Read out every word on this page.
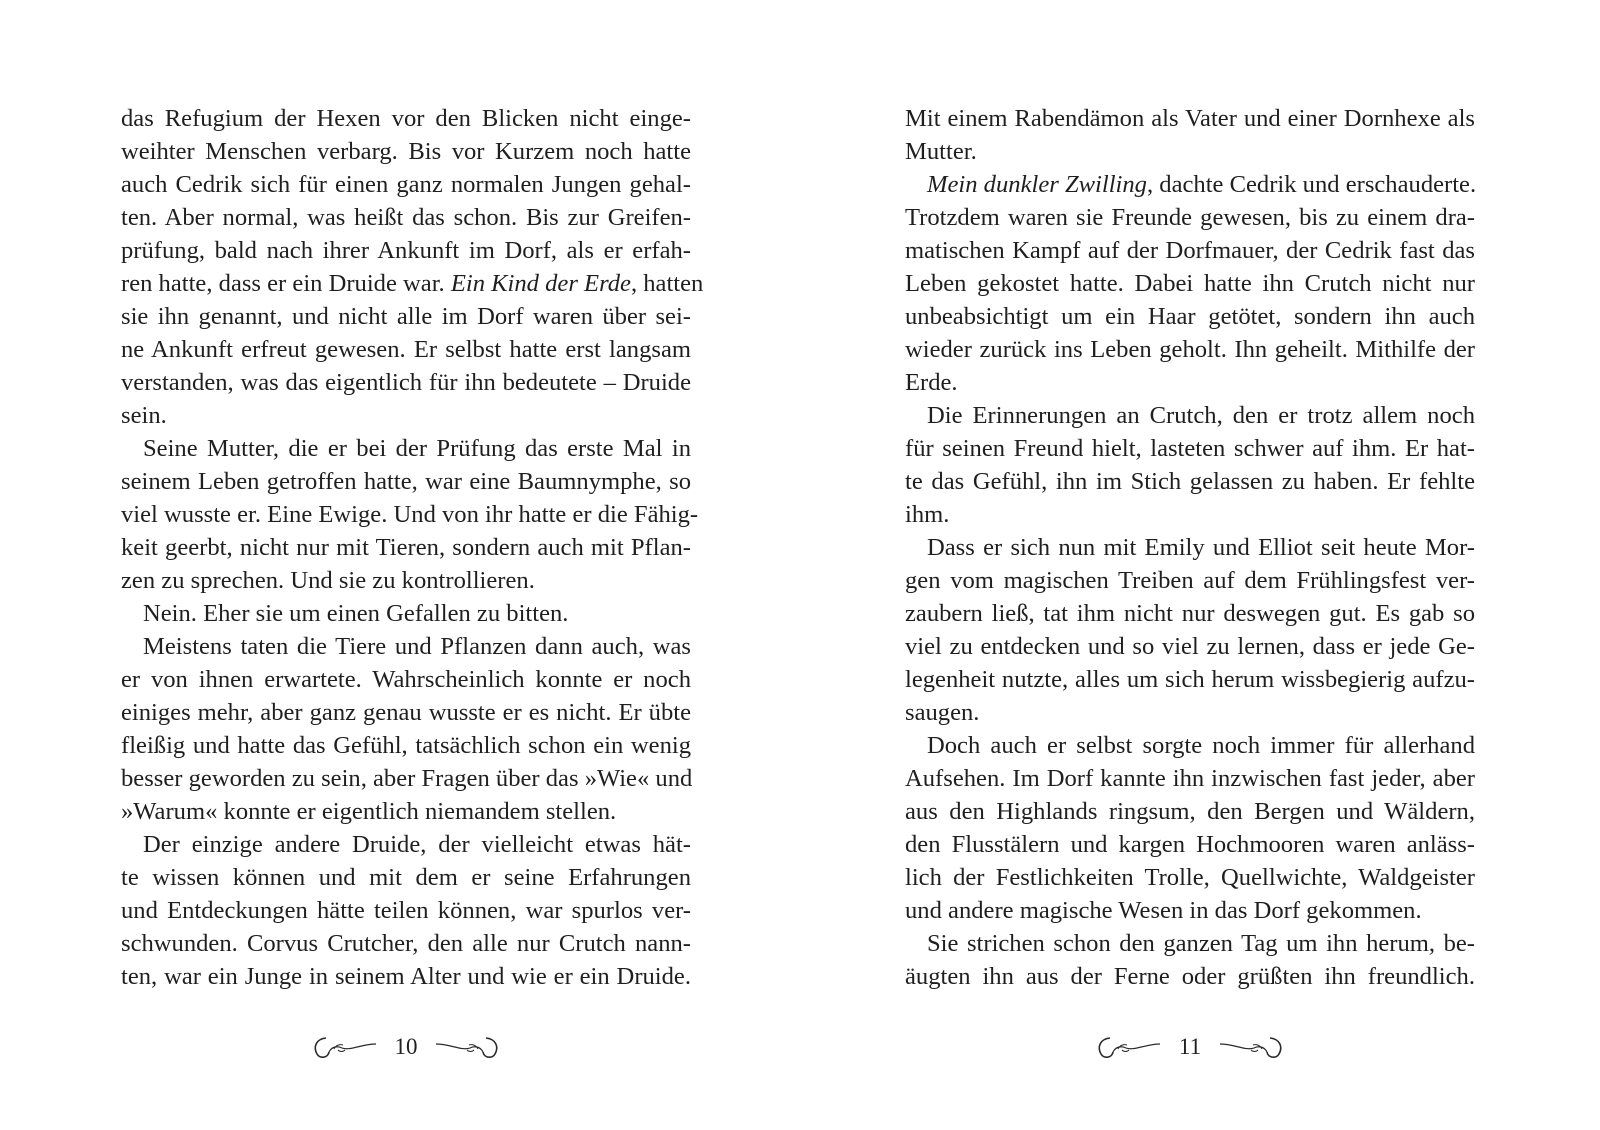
das Refugium der Hexen vor den Blicken nicht einge-
weihter Menschen verbarg. Bis vor Kurzem noch hatte
auch Cedrik sich für einen ganz normalen Jungen gehal-
ten. Aber normal, was heißt das schon. Bis zur Greifen-
prüfung, bald nach ihrer Ankunft im Dorf, als er erfah-
ren hatte, dass er ein Druide war. Ein Kind der Erde, hatten
sie ihn genannt, und nicht alle im Dorf waren über sei-
ne Ankunft erfreut gewesen. Er selbst hatte erst langsam
verstanden, was das eigentlich für ihn bedeutete – Druide
sein.
Seine Mutter, die er bei der Prüfung das erste Mal in
seinem Leben getroffen hatte, war eine Baumnymphe, so
viel wusste er. Eine Ewige. Und von ihr hatte er die Fähig-
keit geerbt, nicht nur mit Tieren, sondern auch mit Pflan-
zen zu sprechen. Und sie zu kontrollieren.
Nein. Eher sie um einen Gefallen zu bitten.
Meistens taten die Tiere und Pflanzen dann auch, was
er von ihnen erwartete. Wahrscheinlich konnte er noch
einiges mehr, aber ganz genau wusste er es nicht. Er übte
fleißig und hatte das Gefühl, tatsächlich schon ein wenig
besser geworden zu sein, aber Fragen über das »Wie« und
»Warum« konnte er eigentlich niemandem stellen.
Der einzige andere Druide, der vielleicht etwas hät-
te wissen können und mit dem er seine Erfahrungen
und Entdeckungen hätte teilen können, war spurlos ver-
schwunden. Corvus Crutcher, den alle nur Crutch nann-
ten, war ein Junge in seinem Alter und wie er ein Druide.
10
Mit einem Rabendämon als Vater und einer Dornhexe als
Mutter.
Mein dunkler Zwilling, dachte Cedrik und erschauderte.
Trotzdem waren sie Freunde gewesen, bis zu einem dra-
matischen Kampf auf der Dorfmauer, der Cedrik fast das
Leben gekostet hatte. Dabei hatte ihn Crutch nicht nur
unbeabsichtigt um ein Haar getötet, sondern ihn auch
wieder zurück ins Leben geholt. Ihn geheilt. Mithilfe der
Erde.
Die Erinnerungen an Crutch, den er trotz allem noch
für seinen Freund hielt, lasteten schwer auf ihm. Er hat-
te das Gefühl, ihn im Stich gelassen zu haben. Er fehlte
ihm.
Dass er sich nun mit Emily und Elliot seit heute Mor-
gen vom magischen Treiben auf dem Frühlingsfest ver-
zaubern ließ, tat ihm nicht nur deswegen gut. Es gab so
viel zu entdecken und so viel zu lernen, dass er jede Ge-
legenheit nutzte, alles um sich herum wissbegierig aufzu-
saugen.
Doch auch er selbst sorgte noch immer für allerhand
Aufsehen. Im Dorf kannte ihn inzwischen fast jeder, aber
aus den Highlands ringsum, den Bergen und Wäldern,
den Flusstälern und kargen Hochmooren waren anläss-
lich der Festlichkeiten Trolle, Quellwichte, Waldgeister
und andere magische Wesen in das Dorf gekommen.
Sie strichen schon den ganzen Tag um ihn herum, be-
äugten ihn aus der Ferne oder grüßten ihn freundlich.
11
